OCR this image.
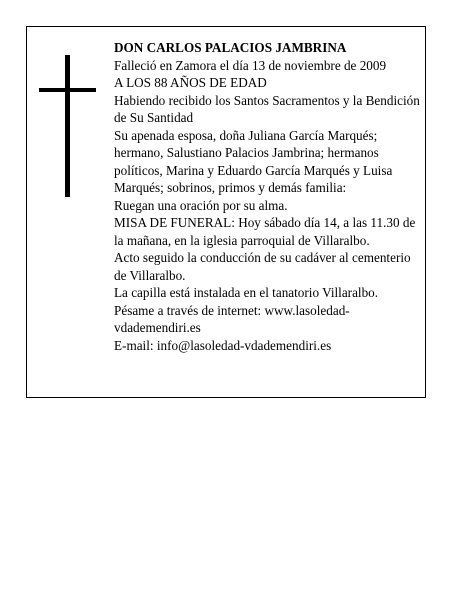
DON CARLOS PALACIOS JAMBRINA

Falleció en Zamora el día 13 de noviembre de 2009

A LOS 88 AÑOS DE EDAD

Habiendo recibido los Santos Sacramentos y la Bendición de Su Santidad

Su apenada esposa, doña Juliana García Marqués; hermano, Salustiano Palacios Jambrina; hermanos políticos, Marina y Eduardo García Marqués y Luisa Marqués; sobrinos, primos y demás familia:

Ruegan una oración por su alma.

MISA DE FUNERAL: Hoy sábado día 14, a las 11.30 de la mañana, en la iglesia parroquial de Villaralbo.

Acto seguido la conducción de su cadáver al cementerio de Villaralbo.

La capilla está instalada en el tanatorio Villaralbo.

Pésame a través de internet: www.lasoledad-
vdademendiri.es

E-mail: info@lasoledad-vdademendiri.es
